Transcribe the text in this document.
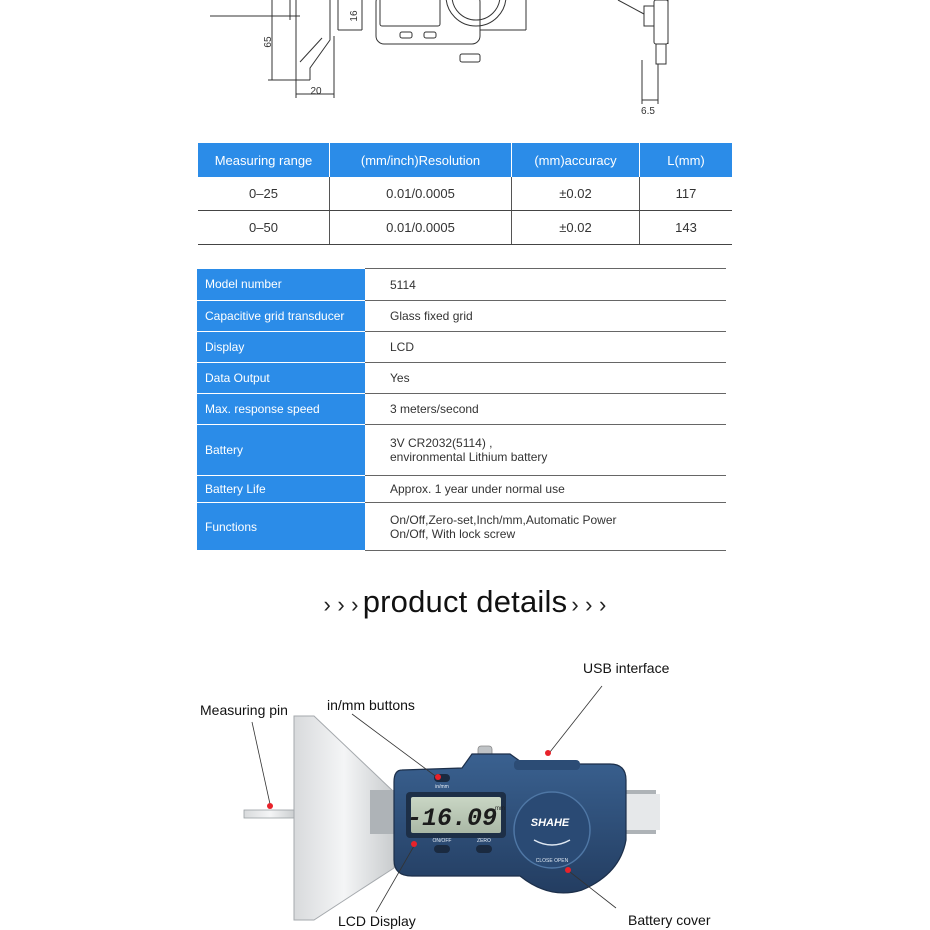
65
16
20
6.5
Measuring range	(mm/inch)Resolution	(mm)accuracy	L(mm)
0–25	0.01/0.0005	±0.02	117
0–50	0.01/0.0005	±0.02	143
Model number	5114
Capacitive grid transducer	Glass fixed grid
Display	LCD
Data Output	Yes
Max. response speed	3 meters/second
Battery	3V CR2032(5114) ,
environmental Lithium battery

Battery Life	Approx. 1 year under normal use
Functions	On/Off,Zero-set,Inch/mm,Automatic Power
On/Off, With lock screw
› › › product details › › ›
-16.09
mm
in/mm
ON/OFF	ZERO
SHAHE
CLOSE OPEN
USB interface
Measuring pin	in/mm buttons
LCD Display	Battery cover
